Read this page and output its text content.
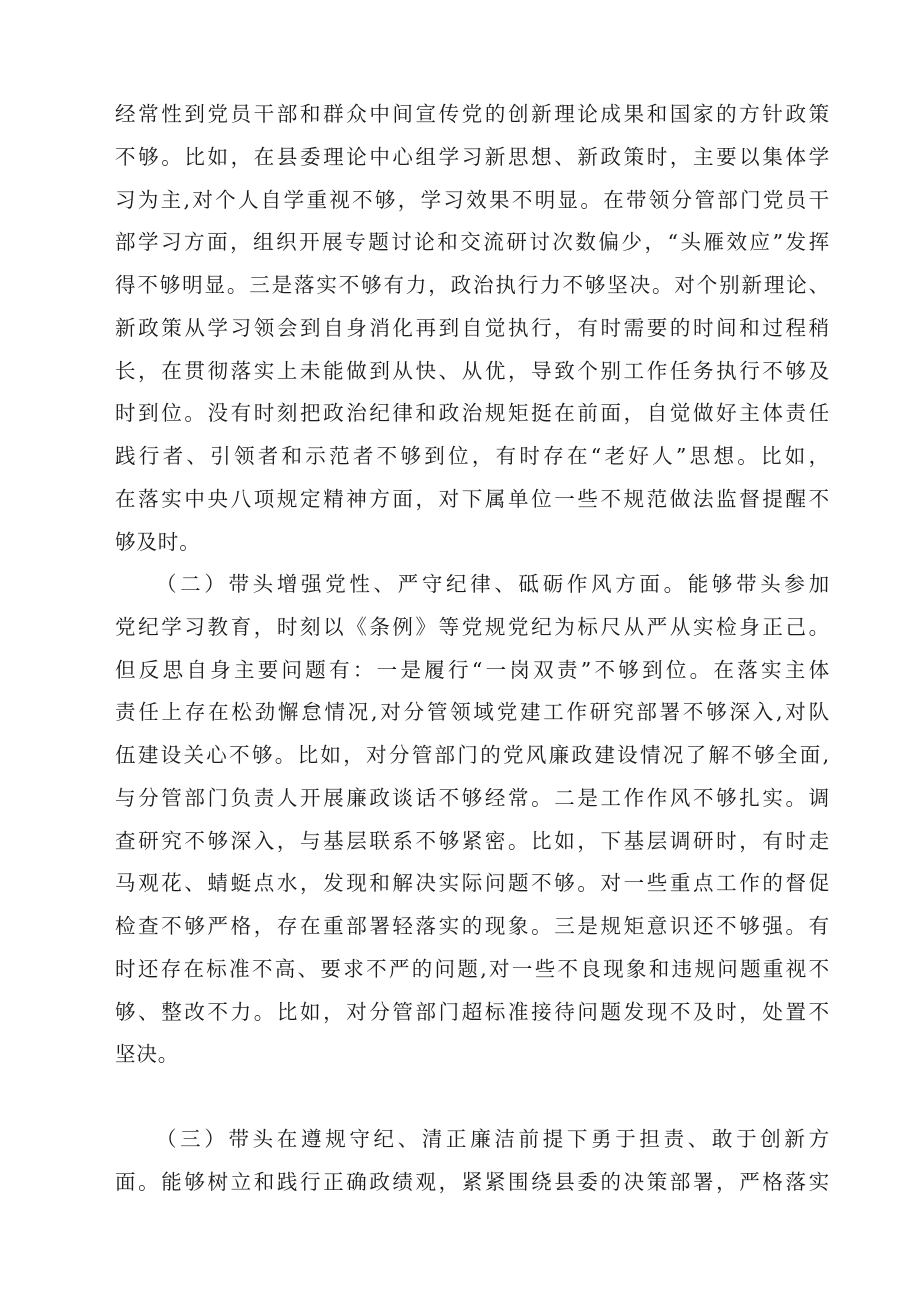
经常性到党员干部和群众中间宣传党的创新理论成果和国家的方针政策
不够。比如，在县委理论中心组学习新思想、新政策时，主要以集体学
习为主,对个人自学重视不够，学习效果不明显。在带领分管部门党员干
部学习方面，组织开展专题讨论和交流研讨次数偏少，“头雁效应”发挥
得不够明显。三是落实不够有力，政治执行力不够坚决。对个别新理论、
新政策从学习领会到自身消化再到自觉执行，有时需要的时间和过程稍
长，在贯彻落实上未能做到从快、从优，导致个别工作任务执行不够及
时到位。没有时刻把政治纪律和政治规矩挺在前面，自觉做好主体责任
践行者、引领者和示范者不够到位，有时存在“老好人”思想。比如，
在落实中央八项规定精神方面，对下属单位一些不规范做法监督提醒不
够及时。
（二）带头增强党性、严守纪律、砥砺作风方面。能够带头参加
党纪学习教育，时刻以《条例》等党规党纪为标尺从严从实检身正己。
但反思自身主要问题有：一是履行“一岗双责”不够到位。在落实主体
责任上存在松劲懈怠情况,对分管领域党建工作研究部署不够深入,对队
伍建设关心不够。比如，对分管部门的党风廉政建设情况了解不够全面,
与分管部门负责人开展廉政谈话不够经常。二是工作作风不够扎实。调
查研究不够深入，与基层联系不够紧密。比如，下基层调研时，有时走
马观花、蜻蜓点水，发现和解决实际问题不够。对一些重点工作的督促
检查不够严格，存在重部署轻落实的现象。三是规矩意识还不够强。有
时还存在标准不高、要求不严的问题,对一些不良现象和违规问题重视不
够、整改不力。比如，对分管部门超标准接待问题发现不及时，处置不
坚决。
（三）带头在遵规守纪、清正廉洁前提下勇于担责、敢于创新方
面。能够树立和践行正确政绩观，紧紧围绕县委的决策部署，严格落实
